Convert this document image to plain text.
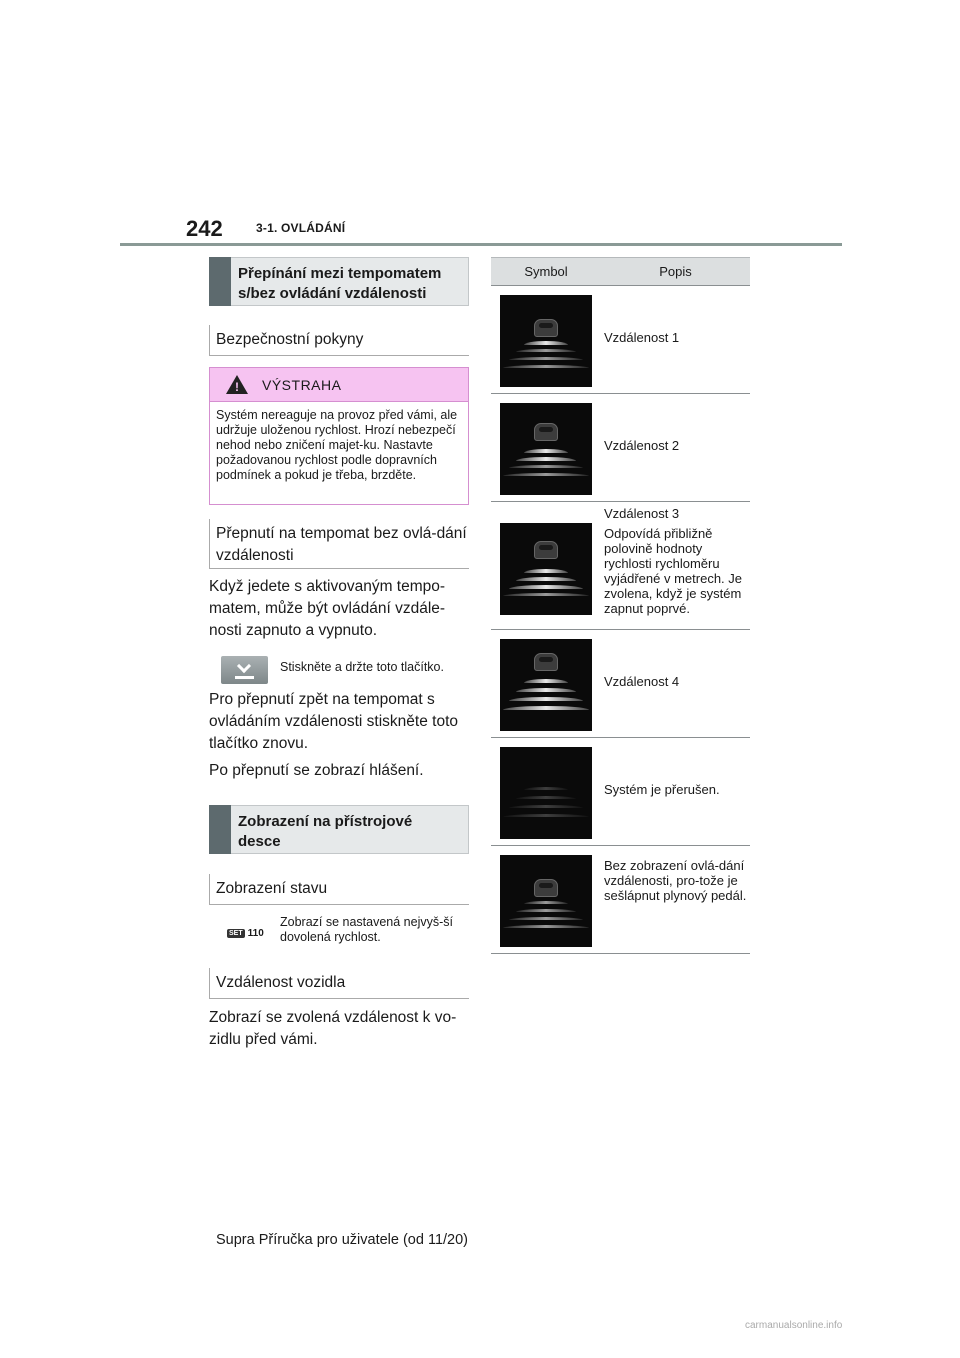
242	3-1. OVLÁDÁNÍ
Přepínání mezi tempomatem s/bez ovládání vzdálenosti
Bezpečnostní pokyny
! VÝSTRAHA
Systém nereaguje na provoz před vámi, ale udržuje uloženou rychlost. Hrozí nebezpečí nehod nebo zničení majet-ku. Nastavte požadovanou rychlost podle dopravních podmínek a pokud je třeba, brzděte.
Přepnutí na tempomat bez ovlá-dání vzdálenosti
Když jedete s aktivovaným tempo-matem, může být ovládání vzdále-nosti zapnuto a vypnuto.
Stiskněte a držte toto tlačítko.
Pro přepnutí zpět na tempomat s ovládáním vzdálenosti stiskněte toto tlačítko znovu.
Po přepnutí se zobrazí hlášení.
Zobrazení na přístrojové desce
Zobrazení stavu
SET 110
Zobrazí se nastavená nejvyš-ší dovolená rychlost.
Vzdálenost vozidla
Zobrazí se zvolená vzdálenost k vo-zidlu před vámi.
Symbol	Popis
Vzdálenost 1
Vzdálenost 2
Vzdálenost 3
Odpovídá přibližně polovině hodnoty rychlosti rychloměru vyjádřené v metrech. Je zvolena, když je systém zapnut poprvé.
Vzdálenost 4
Systém je přerušen.
Bez zobrazení ovlá-dání vzdálenosti, pro-tože je sešlápnut plynový pedál.
Supra Příručka pro uživatele (od 11/20)
carmanualsonline.info
